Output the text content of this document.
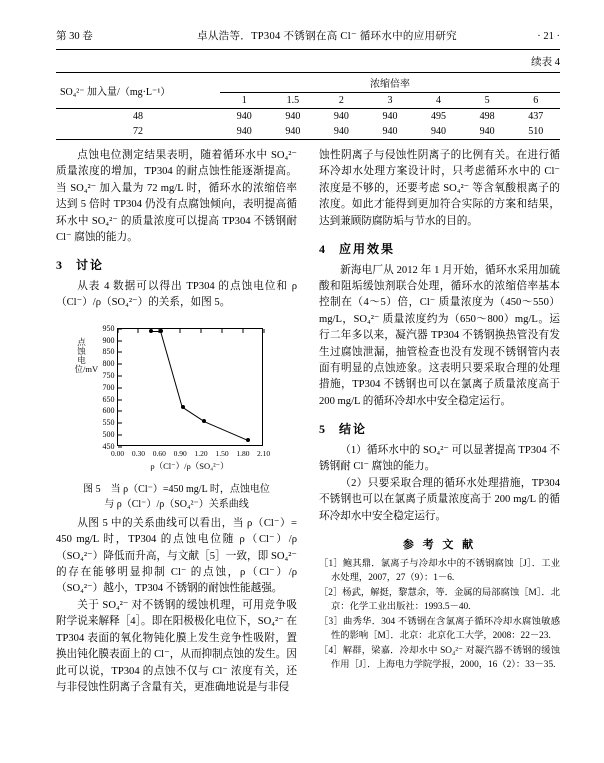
第 30 卷	卓从浩等．TP304 不锈钢在高 Cl⁻ 循环水中的应用研究	· 21 ·
续表 4
SO₄²⁻ 加入量/（mg·L⁻¹）	浓缩倍率						
	1	1.5	2	3	4	5	6
48	940	940	940	940	495	498	437
72	940	940	940	940	940	940	510

点蚀电位测定结果表明，随着循环水中 SO₄²⁻ 质量浓度的增加，TP304 的耐点蚀性能逐渐提高。当 SO₄²⁻ 加入量为 72 mg/L 时，循环水的浓缩倍率达到 5 倍时 TP304 仍没有点腐蚀倾向，表明提高循环水中 SO₄²⁻ 的质量浓度可以提高 TP304 不锈钢耐 Cl⁻ 腐蚀的能力。

3	讨论

从表 4 数据可以得出 TP304 的点蚀电位和 ρ（Cl⁻）/ρ（SO₄²⁻）的关系，如图 5。

点蚀电位/mV
950
900
850
800
750
700
650
600
550
500
450
0.00 0.30 0.60 0.90 1.20 1.50 1.80 2.10
ρ（Cl⁻）/ρ（SO₄²⁻）
图 5　当 ρ（Cl⁻）=450 mg/L 时，点蚀电位
与 ρ（Cl⁻）/ρ（SO₄²⁻）关系曲线

从图 5 中的关系曲线可以看出，当 ρ（Cl⁻）= 450 mg/L 时，TP304 的点蚀电位随 ρ（Cl⁻）/ρ（SO₄²⁻）降低而升高，与文献［5］一致，即 SO₄²⁻ 的存在能够明显抑制 Cl⁻ 的点蚀，ρ（Cl⁻）/ρ（SO₄²⁻）越小，TP304 不锈钢的耐蚀性能越强。

关于 SO₄²⁻ 对不锈钢的缓蚀机理，可用竞争吸附学说来解释［4］。即在阳极极化电位下，SO₄²⁻ 在 TP304 表面的氧化物钝化膜上发生竞争性吸附，置换出钝化膜表面上的 Cl⁻，从而抑制点蚀的发生。因此可以说，TP304 的点蚀不仅与 Cl⁻ 浓度有关，还与非侵蚀性阴离子含量有关，更准确地说是与非侵

蚀性阴离子与侵蚀性阴离子的比例有关。在进行循环冷却水处理方案设计时，只考虑循环水中的 Cl⁻ 浓度是不够的，还要考虑 SO₄²⁻ 等含氧酸根离子的浓度。如此才能得到更加符合实际的方案和结果，达到兼顾防腐防垢与节水的目的。

4	应用效果

新海电厂从 2012 年 1 月开始，循环水采用加硫酸和阻垢缓蚀剂联合处理，循环水的浓缩倍率基本控制在（4～5）倍，Cl⁻ 质量浓度为（450～550）mg/L，SO₄²⁻ 质量浓度约为（650～800）mg/L。运行二年多以来，凝汽器 TP304 不锈钢换热管没有发生过腐蚀泄漏，抽管检查也没有发现不锈钢管内表面有明显的点蚀迹象。这表明只要采取合理的处理措施，TP304 不锈钢也可以在氯离子质量浓度高于 200 mg/L 的循环冷却水中安全稳定运行。

5	结论

（1）循环水中的 SO₄²⁻ 可以显著提高 TP304 不锈钢耐 Cl⁻ 腐蚀的能力。

（2）只要采取合理的循环水处理措施，TP304 不锈钢也可以在氯离子质量浓度高于 200 mg/L 的循环冷却水中安全稳定运行。

参 考 文 献
［1］鲍其鼎．氯离子与冷却水中的不锈钢腐蚀［J］．工业水处理，2007，27（9）：1－6.
［2］杨武，解挺，黎慧余，等．金属的局部腐蚀［M］．北京：化学工业出版社：1993.5－40.
［3］曲秀华．304 不锈钢在含氯离子循环冷却水腐蚀敏感性的影响［M］．北京：北京化工大学，2008：22－23.
［4］解群，梁嘉．冷却水中 SO₄²⁻ 对凝汽器不锈钢的缓蚀作用［J］．上海电力学院学报，2000，16（2）：33－35.
